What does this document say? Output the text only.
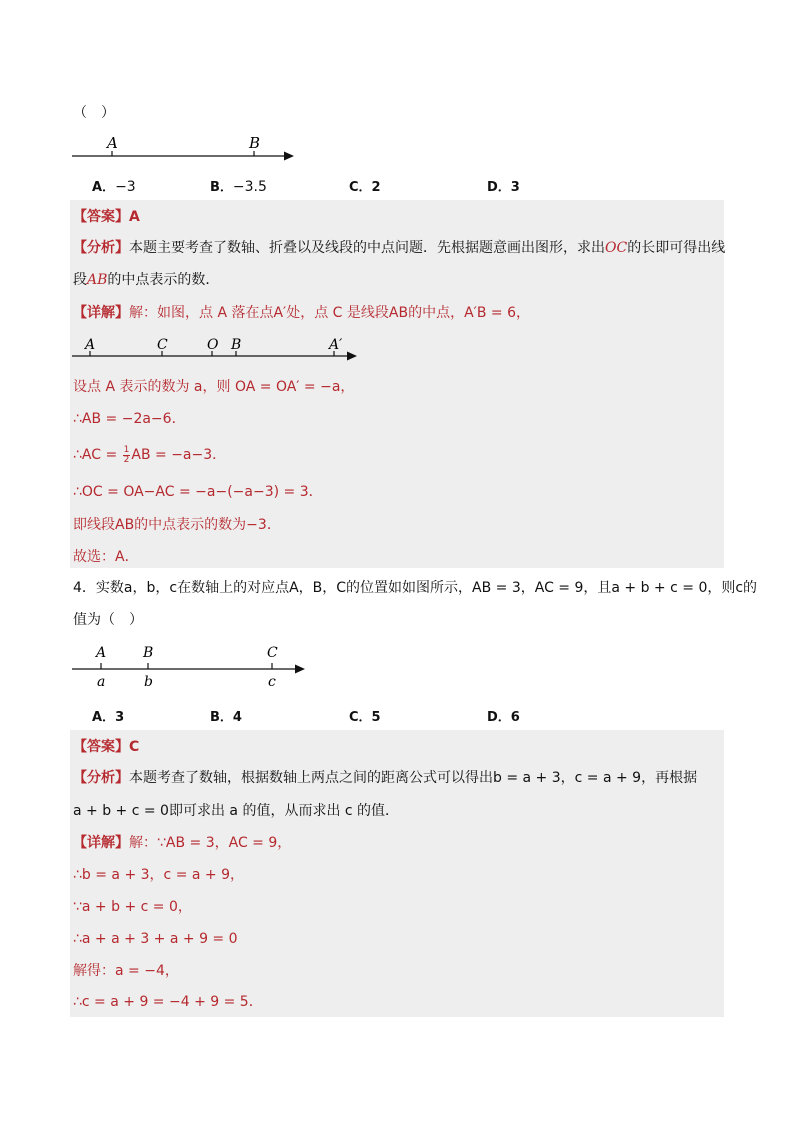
（　）
A	B
A．−3	B．−3.5	C．2	D．3
【答案】A
【分析】本题主要考查了数轴、折叠以及线段的中点问题．先根据题意画出图形，求出OC的长即可得出线
段AB的中点表示的数．
【详解】解：如图，点 A 落在点A′处，点 C 是线段AB的中点，A′B = 6，
A	C	O B	A′
设点 A 表示的数为 a，则 OA = OA′ = −a，
∴AB = −2a−6．
∴AC = $\frac{1}{2}$ AB = −a−3．
∴OC = OA−AC = −a−(−a−3) = 3．
即线段AB的中点表示的数为−3．
故选：A．
4．实数a，b，c在数轴上的对应点A，B，C的位置如如图所示，AB = 3，AC = 9，且a + b + c = 0，则c的
值为（　）
A	B	C
a	b	c
A．3	B．4	C．5	D．6
【答案】C
【分析】本题考查了数轴，根据数轴上两点之间的距离公式可以得出b = a + 3，c = a + 9，再根据
a + b + c = 0即可求出 a 的值，从而求出 c 的值．
【详解】解：∵AB = 3，AC = 9，
∴b = a + 3，c = a + 9，
∵a + b + c = 0，
∴a + a + 3 + a + 9 = 0
解得：a = −4，
∴c = a + 9 = −4 + 9 = 5．
